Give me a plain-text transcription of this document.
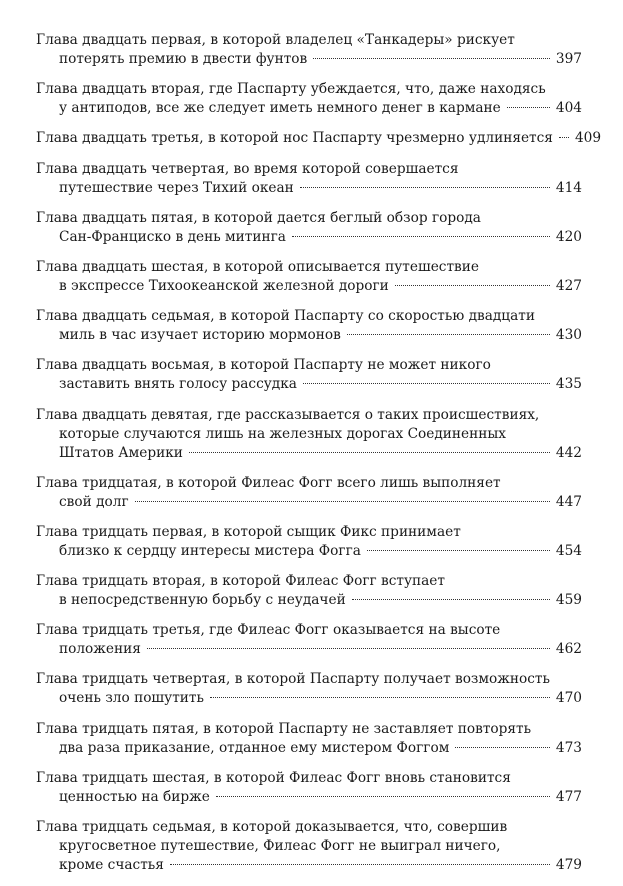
Глава двадцать первая, в которой владелец «Танкадеры» рискует
потерять премию в двести фунтов	397
Глава двадцать вторая, где Паспарту убеждается, что, даже находясь
у антиподов, все же следует иметь немного денег в кармане	404
Глава двадцать третья, в которой нос Паспарту чрезмерно удлиняется 409
Глава двадцать четвертая, во время которой совершается
путешествие через Тихий океан	414
Глава двадцать пятая, в которой дается беглый обзор города
Сан-Франциско в день митинга	420
Глава двадцать шестая, в которой описывается путешествие
в экспрессе Тихоокеанской железной дороги	427
Глава двадцать седьмая, в которой Паспарту со скоростью двадцати
миль в час изучает историю мормонов	430
Глава двадцать восьмая, в которой Паспарту не может никого
заставить внять голосу рассудка	435
Глава двадцать девятая, где рассказывается о таких происшествиях,
которые случаются лишь на железных дорогах Соединенных
Штатов Америки	442
Глава тридцатая, в которой Филеас Фогг всего лишь выполняет
свой долг	447
Глава тридцать первая, в которой сыщик Фикс принимает
близко к сердцу интересы мистера Фогга	454
Глава тридцать вторая, в которой Филеас Фогг вступает
в непосредственную борьбу с неудачей	459
Глава тридцать третья, где Филеас Фогг оказывается на высоте
положения	462
Глава тридцать четвертая, в которой Паспарту получает возможность
очень зло пошутить	470
Глава тридцать пятая, в которой Паспарту не заставляет повторять
два раза приказание, отданное ему мистером Фоггом	473
Глава тридцать шестая, в которой Филеас Фогг вновь становится
ценностью на бирже	477
Глава тридцать седьмая, в которой доказывается, что, совершив
кругосветное путешествие, Филеас Фогг не выиграл ничего,
кроме счастья	479
